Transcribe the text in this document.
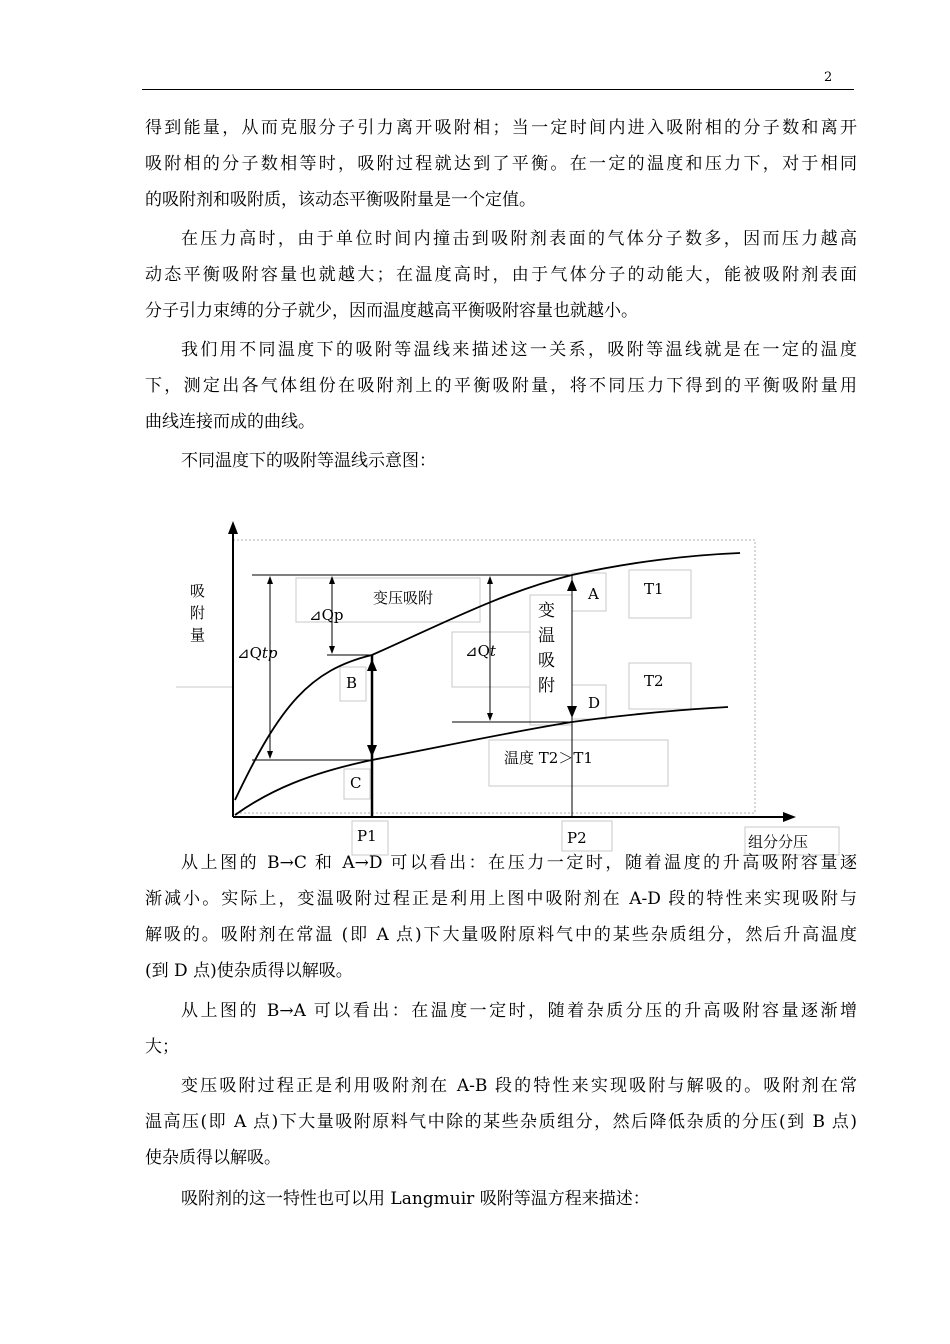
2
得到能量，从而克服分子引力离开吸附相；当一定时间内进入吸附相的分子数和离开
吸附相的分子数相等时，吸附过程就达到了平衡。在一定的温度和压力下，对于相同
的吸附剂和吸附质，该动态平衡吸附量是一个定值。
在压力高时，由于单位时间内撞击到吸附剂表面的气体分子数多，因而压力越高
动态平衡吸附容量也就越大；在温度高时，由于气体分子的动能大，能被吸附剂表面
分子引力束缚的分子就少，因而温度越高平衡吸附容量也就越小。
我们用不同温度下的吸附等温线来描述这一关系，吸附等温线就是在一定的温度
下，测定出各气体组份在吸附剂上的平衡吸附量，将不同压力下得到的平衡吸附量用
曲线连接而成的曲线。
不同温度下的吸附等温线示意图：
吸
附
量
⊿Qtp
⊿Qp
变压吸附
⊿Qt
变
温
吸
附
A
B
C
D
T1
T2
温度 T2＞T1
P1	P2	组分分压
从上图的 B→C 和 A→D 可以看出：在压力一定时，随着温度的升高吸附容量逐
渐减小。实际上，变温吸附过程正是利用上图中吸附剂在 A-D 段的特性来实现吸附与
解吸的。吸附剂在常温 (即 A 点)下大量吸附原料气中的某些杂质组分，然后升高温度
(到 D 点)使杂质得以解吸。
从上图的 B→A 可以看出：在温度一定时，随着杂质分压的升高吸附容量逐渐增
大；
变压吸附过程正是利用吸附剂在 A-B 段的特性来实现吸附与解吸的。吸附剂在常
温高压(即 A 点)下大量吸附原料气中除的某些杂质组分，然后降低杂质的分压(到 B 点)
使杂质得以解吸。
吸附剂的这一特性也可以用 Langmuir 吸附等温方程来描述：
